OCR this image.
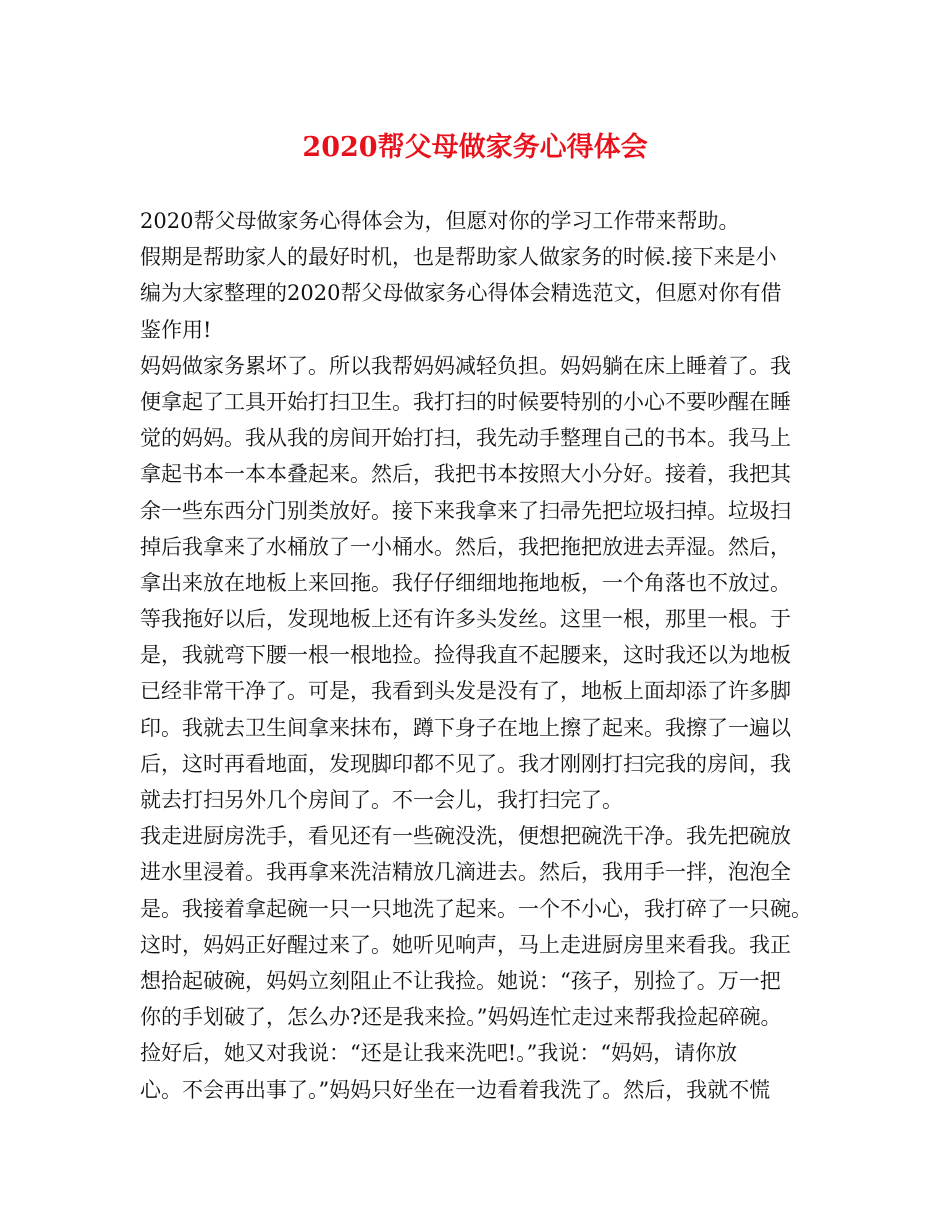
2020帮父母做家务心得体会
2020帮父母做家务心得体会为，但愿对你的学习工作带来帮助。
假期是帮助家人的最好时机，也是帮助家人做家务的时候.接下来是小
编为大家整理的2020帮父母做家务心得体会精选范文，但愿对你有借
鉴作用!
妈妈做家务累坏了。所以我帮妈妈减轻负担。妈妈躺在床上睡着了。我
便拿起了工具开始打扫卫生。我打扫的时候要特别的小心不要吵醒在睡
觉的妈妈。我从我的房间开始打扫，我先动手整理自己的书本。我马上
拿起书本一本本叠起来。然后，我把书本按照大小分好。接着，我把其
余一些东西分门别类放好。接下来我拿来了扫帚先把垃圾扫掉。垃圾扫
掉后我拿来了水桶放了一小桶水。然后，我把拖把放进去弄湿。然后，
拿出来放在地板上来回拖。我仔仔细细地拖地板，一个角落也不放过。
等我拖好以后，发现地板上还有许多头发丝。这里一根，那里一根。于
是，我就弯下腰一根一根地捡。捡得我直不起腰来，这时我还以为地板
已经非常干净了。可是，我看到头发是没有了，地板上面却添了许多脚
印。我就去卫生间拿来抹布，蹲下身子在地上擦了起来。我擦了一遍以
后，这时再看地面，发现脚印都不见了。我才刚刚打扫完我的房间，我
就去打扫另外几个房间了。不一会儿，我打扫完了。
我走进厨房洗手，看见还有一些碗没洗，便想把碗洗干净。我先把碗放
进水里浸着。我再拿来洗洁精放几滴进去。然后，我用手一拌，泡泡全
是。我接着拿起碗一只一只地洗了起来。一个不小心，我打碎了一只碗。
这时，妈妈正好醒过来了。她听见响声，马上走进厨房里来看我。我正
想拾起破碗，妈妈立刻阻止不让我捡。她说：“孩子，别捡了。万一把
你的手划破了，怎么办?还是我来捡。”妈妈连忙走过来帮我捡起碎碗。
捡好后，她又对我说：“还是让我来洗吧!。”我说：“妈妈，请你放
心。不会再出事了。”妈妈只好坐在一边看着我洗了。然后，我就不慌
